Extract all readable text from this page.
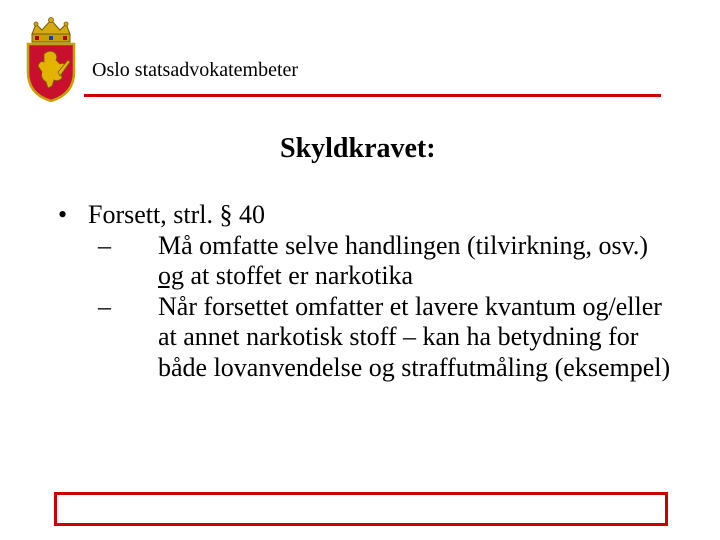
Oslo statsadvokatembeter
Skyldkravet:
• Forsett, strl. § 40
– Må omfatte selve handlingen (tilvirkning, osv.) og at stoffet er narkotika
– Når forsettet omfatter et lavere kvantum og/eller at annet narkotisk stoff – kan ha betydning for både lovanvendelse og straffutmåling (eksempel)
